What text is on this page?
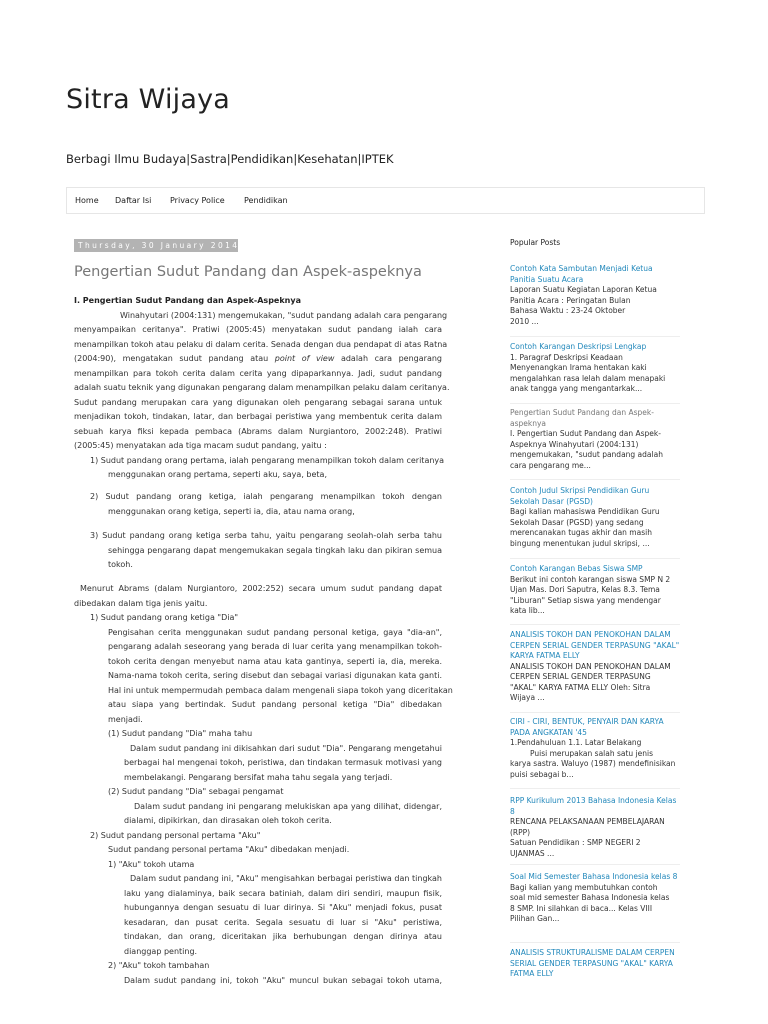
Sitra Wijaya
Berbagi Ilmu Budaya|Sastra|Pendidikan|Kesehatan|IPTEK
Home Daftar Isi Privacy Police Pendidikan
Thursday, 30 January 2014
Pengertian Sudut Pandang dan Aspek-aspeknya
I. Pengertian Sudut Pandang dan Aspek-Aspeknya
Winahyutari (2004:131) mengemukakan, "sudut pandang adalah cara pengarang
menyampaikan ceritanya". Pratiwi (2005:45) menyatakan sudut pandang ialah cara
menampilkan tokoh atau pelaku di dalam cerita. Senada dengan dua pendapat di atas Ratna
(2004:90), mengatakan sudut pandang atau point of view adalah cara pengarang
menampilkan para tokoh cerita dalam cerita yang dipaparkannya. Jadi, sudut pandang
adalah suatu teknik yang digunakan pengarang dalam menampilkan pelaku dalam ceritanya.
Sudut pandang merupakan cara yang digunakan oleh pengarang sebagai sarana untuk
menjadikan tokoh, tindakan, latar, dan berbagai peristiwa yang membentuk cerita dalam
sebuah karya fiksi kepada pembaca (Abrams dalam Nurgiantoro, 2002:248). Pratiwi
(2005:45) menyatakan ada tiga macam sudut pandang, yaitu :
1) Sudut pandang orang pertama, ialah pengarang menampilkan tokoh dalam ceritanya
menggunakan orang pertama, seperti aku, saya, beta,
2) Sudut pandang orang ketiga, ialah pengarang menampilkan tokoh dengan
menggunakan orang ketiga, seperti ia, dia, atau nama orang,
3) Sudut pandang orang ketiga serba tahu, yaitu pengarang seolah-olah serba tahu
sehingga pengarang dapat mengemukakan segala tingkah laku dan pikiran semua
tokoh.
Menurut Abrams (dalam Nurgiantoro, 2002:252) secara umum sudut pandang dapat
dibedakan dalam tiga jenis yaitu.
1) Sudut pandang orang ketiga "Dia"
Pengisahan cerita menggunakan sudut pandang personal ketiga, gaya "dia-an",
pengarang adalah seseorang yang berada di luar cerita yang menampilkan tokoh-
tokoh cerita dengan menyebut nama atau kata gantinya, seperti ia, dia, mereka.
Nama-nama tokoh cerita, sering disebut dan sebagai variasi digunakan kata ganti.
Hal ini untuk mempermudah pembaca dalam mengenali siapa tokoh yang diceritakan
atau siapa yang bertindak. Sudut pandang personal ketiga "Dia" dibedakan
menjadi.
(1) Sudut pandang "Dia" maha tahu
Dalam sudut pandang ini dikisahkan dari sudut "Dia". Pengarang mengetahui
berbagai hal mengenai tokoh, peristiwa, dan tindakan termasuk motivasi yang
membelakangi. Pengarang bersifat maha tahu segala yang terjadi.
(2) Sudut pandang "Dia" sebagai pengamat
Dalam sudut pandang ini pengarang melukiskan apa yang dilihat, didengar,
dialami, dipikirkan, dan dirasakan oleh tokoh cerita.
2) Sudut pandang personal pertama "Aku"
Sudut pandang personal pertama "Aku" dibedakan menjadi.
1) "Aku" tokoh utama
Dalam sudut pandang ini, "Aku" mengisahkan berbagai peristiwa dan tingkah
laku yang dialaminya, baik secara batiniah, dalam diri sendiri, maupun fisik,
hubungannya dengan sesuatu di luar dirinya. Si "Aku" menjadi fokus, pusat
kesadaran, dan pusat cerita. Segala sesuatu di luar si "Aku" peristiwa,
tindakan, dan orang, diceritakan jika berhubungan dengan dirinya atau
dianggap penting.
2) "Aku" tokoh tambahan
Dalam sudut pandang ini, tokoh "Aku" muncul bukan sebagai tokoh utama,
Popular Posts
Contoh Kata Sambutan Menjadi Ketua Panitia Suatu Acara
Laporan Suatu Kegiatan Laporan Ketua
Panitia Acara : Peringatan Bulan
Bahasa Waktu : 23-24 Oktober
2010 ...
Contoh Karangan Deskripsi Lengkap
1. Paragraf Deskripsi Keadaan
Menyenangkan Irama hentakan kaki
mengalahkan rasa lelah dalam menapaki
anak tangga yang mengantarkak...
Pengertian Sudut Pandang dan Aspek-aspeknya
I. Pengertian Sudut Pandang dan Aspek-
Aspeknya Winahyutari (2004:131)
mengemukakan, "sudut pandang adalah
cara pengarang me...
Contoh Judul Skripsi Pendidikan Guru Sekolah Dasar (PGSD)
Bagi kalian mahasiswa Pendidikan Guru
Sekolah Dasar (PGSD) yang sedang
merencanakan tugas akhir dan masih
bingung menentukan judul skripsi, ...
Contoh Karangan Bebas Siswa SMP
Berikut ini contoh karangan siswa SMP N 2
Ujan Mas. Dori Saputra, Kelas 8.3. Tema
"Liburan" Setiap siswa yang mendengar
kata lib...
ANALISIS TOKOH DAN PENOKOHAN DALAM CERPEN SERIAL GENDER TERPASUNG "AKAL" KARYA FATMA ELLY
ANALISIS TOKOH DAN PENOKOHAN DALAM
CERPEN SERIAL GENDER TERPASUNG
"AKAL" KARYA FATMA ELLY Oleh: Sitra
Wijaya ...
CIRI - CIRI, BENTUK, PENYAIR DAN KARYA PADA ANGKATAN '45
1.Pendahuluan 1.1. Latar Belakang
Puisi merupakan salah satu jenis
karya sastra. Waluyo (1987) mendefinisikan
puisi sebagai b...
RPP Kurikulum 2013 Bahasa Indonesia Kelas 8
RENCANA PELAKSANAAN PEMBELAJARAN
(RPP)
Satuan Pendidikan : SMP NEGERI 2
UJANMAS ...
Soal Mid Semester Bahasa Indonesia kelas 8
Bagi kalian yang membutuhkan contoh
soal mid semester Bahasa Indonesia kelas
8 SMP. Ini silahkan di baca... Kelas VIII
Pilihan Gan...
ANALISIS STRUKTURALISME DALAM CERPEN SERIAL GENDER TERPASUNG "AKAL" KARYA FATMA ELLY
